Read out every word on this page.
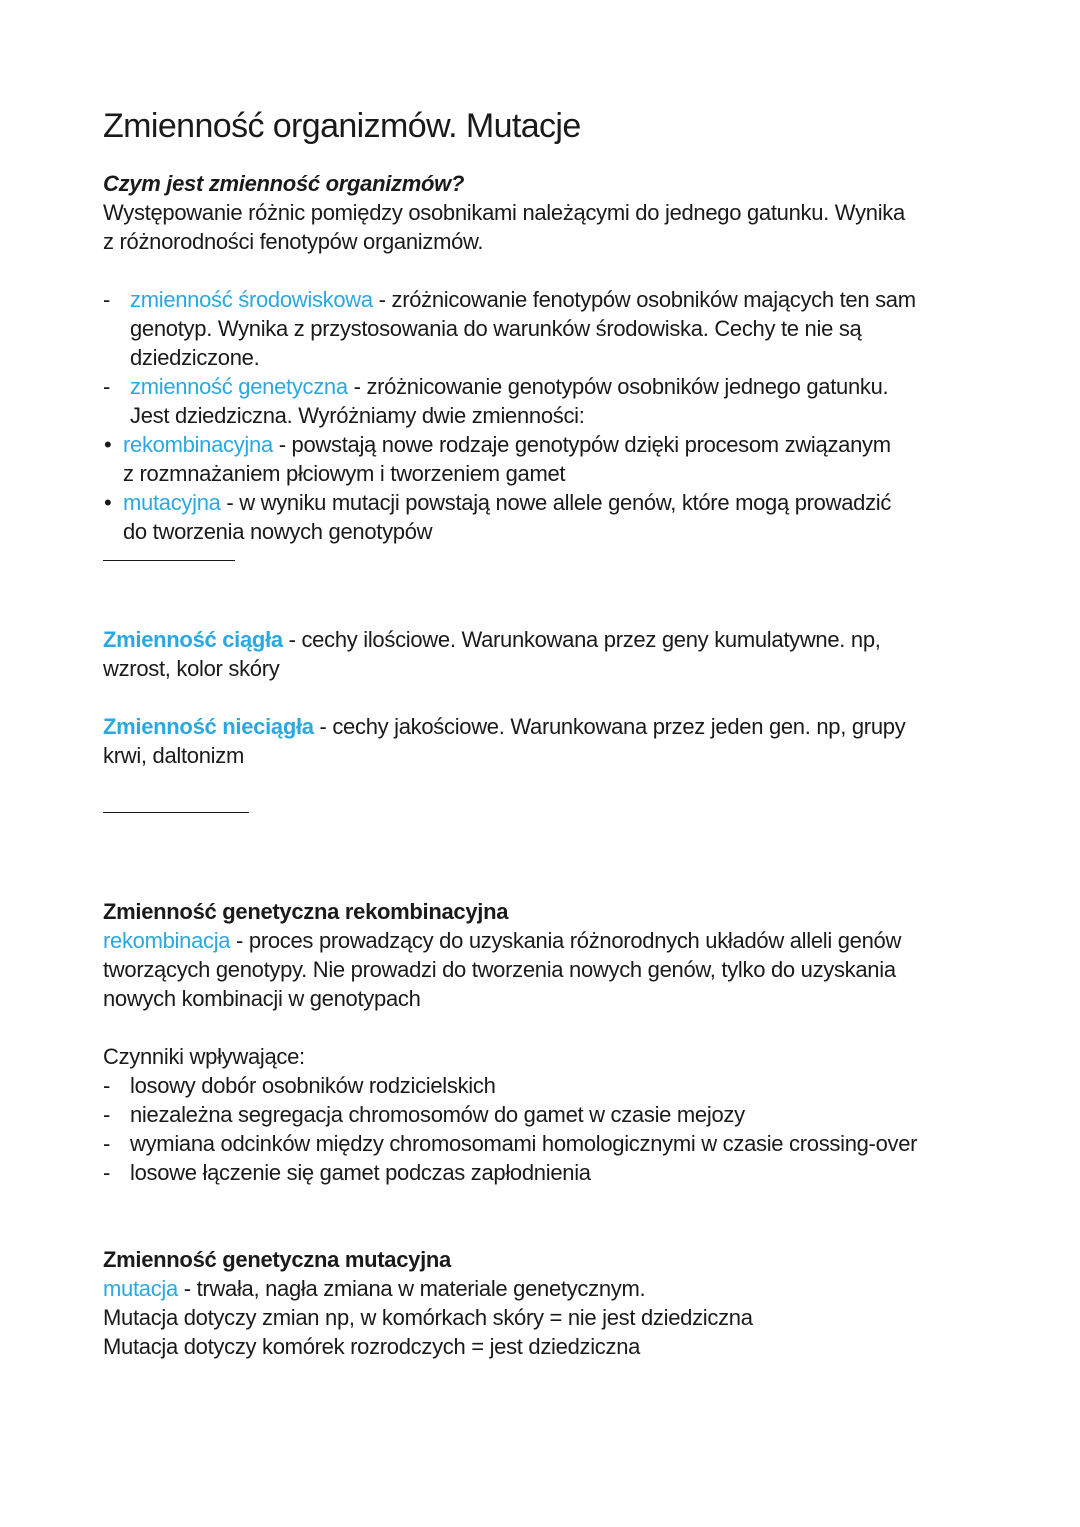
Zmienność organizmów. Mutacje

Czym jest zmienność organizmów?

Występowanie różnic pomiędzy osobnikami należącymi do jednego gatunku. Wynika z różnorodności fenotypów organizmów.

- zmienność środowiskowa - zróżnicowanie fenotypów osobników mających ten sam genotyp. Wynika z przystosowania do warunków środowiska. Cechy te nie są dziedziczone.
- zmienność genetyczna - zróżnicowanie genotypów osobników jednego gatunku. Jest dziedziczna. Wyróżniamy dwie zmienności:
• rekombinacyjna - powstają nowe rodzaje genotypów dzięki procesom związanym z rozmnażaniem płciowym i tworzeniem gamet
• mutacyjna - w wyniku mutacji powstają nowe allele genów, które mogą prowadzić do tworzenia nowych genotypów

Zmienność ciągła - cechy ilościowe. Warunkowana przez geny kumulatywne. np, wzrost, kolor skóry

Zmienność nieciągła - cechy jakościowe. Warunkowana przez jeden gen. np, grupy krwi, daltonizm

Zmienność genetyczna rekombinacyjna

rekombinacja - proces prowadzący do uzyskania różnorodnych układów alleli genów tworzących genotypy. Nie prowadzi do tworzenia nowych genów, tylko do uzyskania nowych kombinacji w genotypach

Czynniki wpływające:

- losowy dobór osobników rodzicielskich
- niezależna segregacja chromosomów do gamet w czasie mejozy
- wymiana odcinków między chromosomami homologicznymi w czasie crossing-over
- losowe łączenie się gamet podczas zapłodnienia

Zmienność genetyczna mutacyjna

mutacja - trwała, nagła zmiana w materiale genetycznym.

Mutacja dotyczy zmian np, w komórkach skóry = nie jest dziedziczna

Mutacja dotyczy komórek rozrodczych = jest dziedziczna
